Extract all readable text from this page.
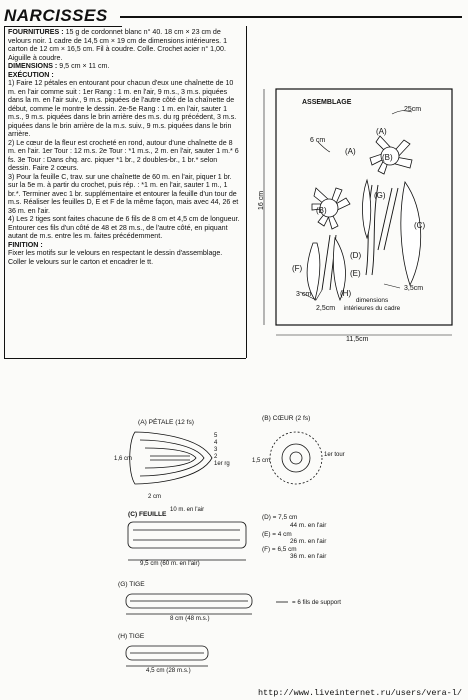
NARCISSES

FOURNITURES : 15 g de cordonnet blanc n° 40. 18 cm × 23 cm de velours noir. 1 cadre de 14,5 cm × 19 cm de dimensions intérieures. 1 carton de 12 cm × 16,5 cm. Fil à coudre. Colle. Crochet acier n° 1,00. Aiguille à coudre.

DIMENSIONS : 9,5 cm × 11 cm.

EXÉCUTION :

1) Faire 12 pétales en entourant pour chacun d'eux une chaînette de 10 m. en l'air comme suit : 1er Rang : 1 m. en l'air, 9 m.s., 3 m.s. piquées dans la m. en l'air suiv., 9 m.s. piquées de l'autre côté de la chaînette de début, comme le montre le dessin. 2e-5e Rang : 1 m. en l'air, sauter 1 m.s., 9 m.s. piquées dans le brin arrière des m.s. du rg précédent, 3 m.s. piquées dans le brin arrière de la m.s. suiv., 9 m.s. piquées dans le brin arrière.

2) Le cœur de la fleur est crocheté en rond, autour d'une chaînette de 8 m. en l'air. 1er Tour : 12 m.s. 2e Tour : *1 m.s., 2 m. en l'air, sauter 1 m.* 6 fs. 3e Tour : Dans chq. arc. piquer *1 br., 2 doubles-br., 1 br.* selon dessin. Faire 2 cœurs.

3) Pour la feuille C, trav. sur une chaînette de 60 m. en l'air, piquer 1 br. sur la 5e m. à partir du crochet, puis rép. : *1 m. en l'air, sauter 1 m., 1 br.*. Terminer avec 1 br. supplémentaire et entourer la feuille d'un tour de m.s. Réaliser les feuilles D, E et F de la même façon, mais avec 44, 26 et 36 m. en l'air.

4) Les 2 tiges sont faites chacune de 6 fils de 8 cm et 4,5 cm de longueur. Entourer ces fils d'un côté de 48 et 28 m.s., de l'autre côté, en piquant autant de m.s. entre les m. faites précédemment.

FINITION :

Fixer les motifs sur le velours en respectant le dessin d'assemblage. Coller le velours sur le carton et encadrer le tt.

ASSEMBLAGE
(B)
(B)
(A)
(A)
(G)
(C)
(D)
(E)
(F)
(H)
25cm
6 cm
16 cm
3 cm
3,5cm
2,5cm
11,5cm
dimensions intérieures du cadre
(A) PÉTALE (12 fs)
5
4
3
2
1er rg
1,6 cm
2 cm
10 m. en l'air
(B) CŒUR (2 fs)
1,5 cm
1er tour
(C) FEUILLE
9,5 cm (60 m. en l'air)
(D) = 7,5 cm
44 m. en l'air
(E) = 4 cm
26 m. en l'air
(F) = 6,5 cm
36 m. en l'air
(G) TIGE
8 cm (48 m.s.)
= 6 fils de support
(H) TIGE
4,5 cm (28 m.s.)
http://www.liveinternet.ru/users/vera-l/
